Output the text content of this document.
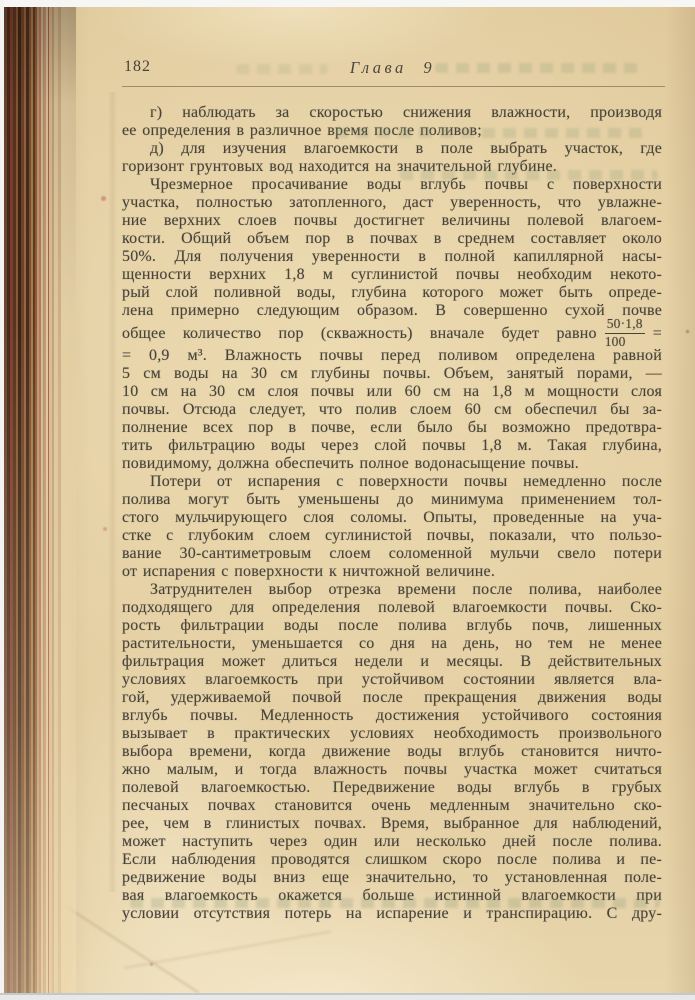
182	Глава 9
г) наблюдать за скоростью снижения влажности, производя
ее определения в различное время после поливов;
д) для изучения влагоемкости в поле выбрать участок, где
горизонт грунтовых вод находится на значительной глубине.
Чрезмерное просачивание воды вглубь почвы с поверхности
участка, полностью затопленного, даст уверенность, что увлажне-
ние верхних слоев почвы достигнет величины полевой влагоем-
кости. Общий объем пор в почвах в среднем составляет около
50%. Для получения уверенности в полной капиллярной насы-
щенности верхних 1,8 м суглинистой почвы необходим некото-
рый слой поливной воды, глубина которого может быть опреде-
лена примерно следующим образом. В совершенно сухой почве
общее количество пор (скважность) вначале будет равно $\frac{50\cdot 1,8}{100}$ =
= 0,9 м³. Влажность почвы перед поливом определена равной
5 см воды на 30 см глубины почвы. Объем, занятый порами, —
10 см на 30 см слоя почвы или 60 см на 1,8 м мощности слоя
почвы. Отсюда следует, что полив слоем 60 см обеспечил бы за-
полнение всех пор в почве, если было бы возможно предотвра-
тить фильтрацию воды через слой почвы 1,8 м. Такая глубина,
повидимому, должна обеспечить полное водонасыщение почвы.
Потери от испарения с поверхности почвы немедленно после
полива могут быть уменьшены до минимума применением тол-
стого мульчирующего слоя соломы. Опыты, проведенные на уча-
стке с глубоким слоем суглинистой почвы, показали, что пользо-
вание 30-сантиметровым слоем соломенной мульчи свело потери
от испарения с поверхности к ничтожной величине.
Затруднителен выбор отрезка времени после полива, наиболее
подходящего для определения полевой влагоемкости почвы. Ско-
рость фильтрации воды после полива вглубь почв, лишенных
растительности, уменьшается со дня на день, но тем не менее
фильтрация может длиться недели и месяцы. В действительных
условиях влагоемкость при устойчивом состоянии является вла-
гой, удерживаемой почвой после прекращения движения воды
вглубь почвы. Медленность достижения устойчивого состояния
вызывает в практических условиях необходимость произвольного
выбора времени, когда движение воды вглубь становится ничто-
жно малым, и тогда влажность почвы участка может считаться
полевой влагоемкостью. Передвижение воды вглубь в грубых
песчаных почвах становится очень медленным значительно ско-
рее, чем в глинистых почвах. Время, выбранное для наблюдений,
может наступить через один или несколько дней после полива.
Если наблюдения проводятся слишком скоро после полива и пе-
редвижение воды вниз еще значительно, то установленная поле-
вая влагоемкость окажется больше истинной влагоемкости при
условии отсутствия потерь на испарение и транспирацию. С дру-
